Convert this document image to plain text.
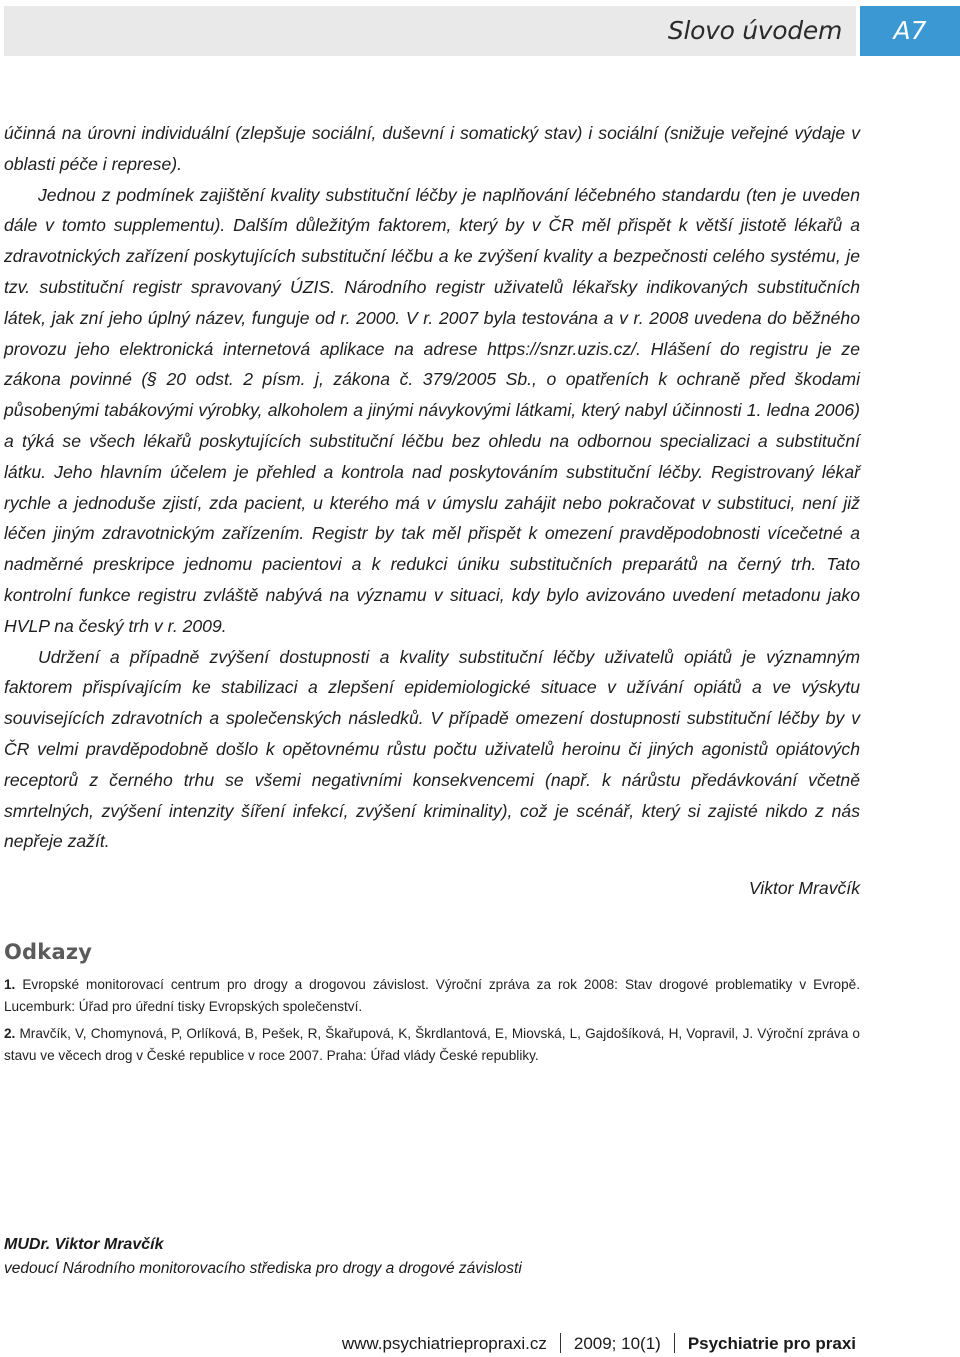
Slovo úvodem	A7

účinná na úrovni individuální (zlepšuje sociální, duševní i somatický stav) i sociální (snižuje veřejné výdaje v oblasti péče i represe).

Jednou z podmínek zajištění kvality substituční léčby je naplňování léčebného standardu (ten je uveden dále v tomto supplementu). Dalším důležitým faktorem, který by v ČR měl přispět k větší jistotě lékařů a zdravotnických zařízení poskytujících substituční léčbu a ke zvýšení kvality a bezpečnosti celého systému, je tzv. substituční registr spravovaný ÚZIS. Národního registr uživatelů lékařsky indikovaných substitučních látek, jak zní jeho úplný název, funguje od r. 2000. V r. 2007 byla testována a v r. 2008 uvedena do běžného provozu jeho elektronická internetová aplikace na adrese https://snzr.uzis.cz/. Hlášení do registru je ze zákona povinné (§ 20 odst. 2 písm. j, zákona č. 379/2005 Sb., o opatřeních k ochraně před škodami působenými tabákovými výrobky, alkoholem a jinými návykovými látkami, který nabyl účinnosti 1. ledna 2006) a týká se všech lékařů poskytujících substituční léčbu bez ohledu na odbornou specializaci a substituční látku. Jeho hlavním účelem je přehled a kontrola nad poskytováním substituční léčby. Registrovaný lékař rychle a jednoduše zjistí, zda pacient, u kterého má v úmyslu zahájit nebo pokračovat v substituci, není již léčen jiným zdravotnickým zařízením. Registr by tak měl přispět k omezení pravděpodobnosti vícečetné a nadměrné preskripce jednomu pacientovi a k redukci úniku substitučních preparátů na černý trh. Tato kontrolní funkce registru zvláště nabývá na významu v situaci, kdy bylo avizováno uvedení metadonu jako HVLP na český trh v r. 2009.

Udržení a případně zvýšení dostupnosti a kvality substituční léčby uživatelů opiátů je významným faktorem přispívajícím ke stabilizaci a zlepšení epidemiologické situace v užívání opiátů a ve výskytu souvisejících zdravotních a společenských následků. V případě omezení dostupnosti substituční léčby by v ČR velmi pravděpodobně došlo k opětovnému růstu počtu uživatelů heroinu či jiných agonistů opiátových receptorů z černého trhu se všemi negativními konsekvencemi (např. k nárůstu předávkování včetně smrtelných, zvýšení intenzity šíření infekcí, zvýšení kriminality), což je scénář, který si zajisté nikdo z nás nepřeje zažít.

Viktor Mravčík

Odkazy
1. Evropské monitorovací centrum pro drogy a drogovou závislost. Výroční zpráva za rok 2008: Stav drogové problematiky v Evropě. Lucemburk: Úřad pro úřední tisky Evropských společenství.
2. Mravčík, V, Chomynová, P, Orlíková, B, Pešek, R, Škařupová, K, Škrdlantová, E, Miovská, L, Gajdošíková, H, Vopravil, J. Výroční zpráva o stavu ve věcech drog v České republice v roce 2007. Praha: Úřad vlády České republiky.
MUDr. Viktor Mravčík
vedoucí Národního monitorovacího střediska pro drogy a drogové závislosti
www.psychiatriepropraxi.cz 2009; 10(1) Psychiatrie pro praxi
